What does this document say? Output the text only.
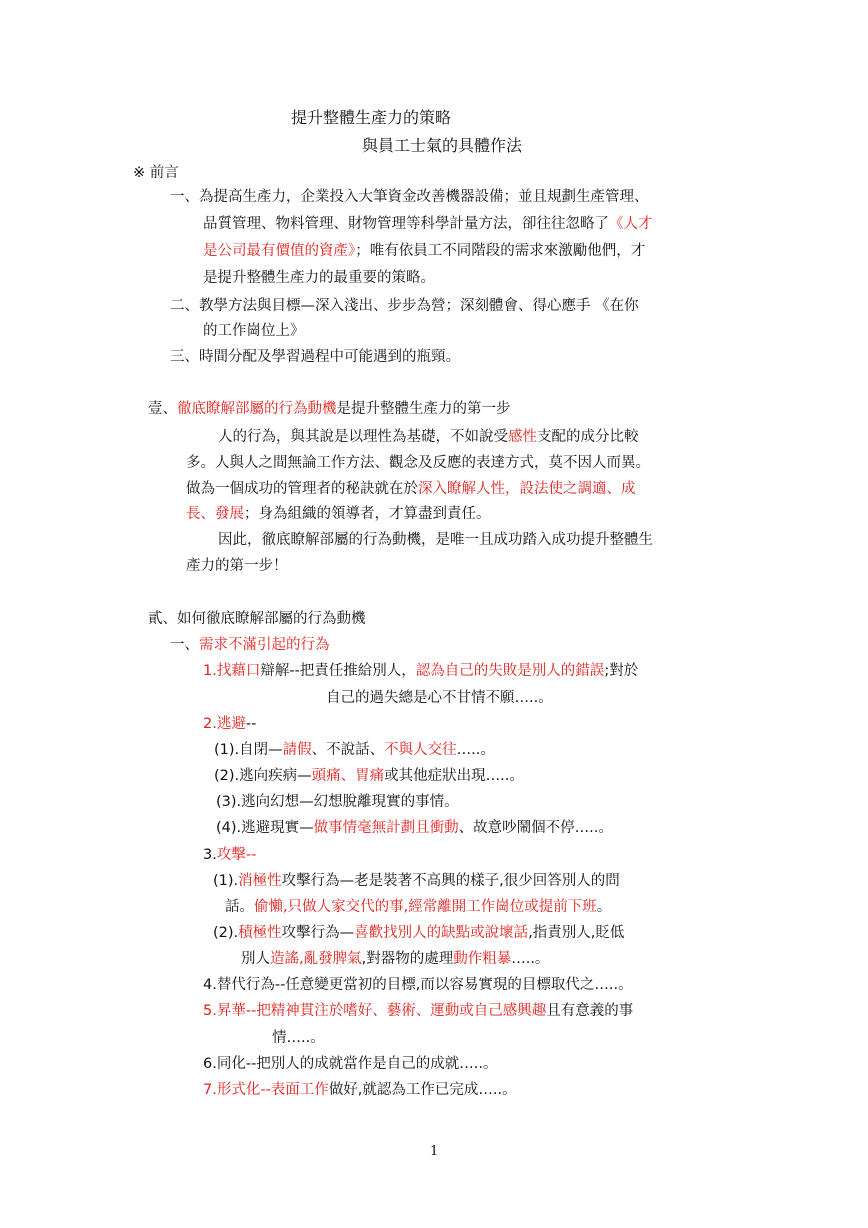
提升整體生產力的策略
與員工士氣的具體作法
※ 前言
一、為提高生產力，企業投入大筆資金改善機器設備；並且規劃生產管理、
品質管理、物料管理、財物管理等科學計量方法，卻往往忽略了《人才
是公司最有價值的資產》；唯有依員工不同階段的需求來激勵他們，才
是提升整體生產力的最重要的策略。
二、教學方法與目標—深入淺出、步步為營；深刻體會、得心應手 《在你
的工作崗位上》
三、時間分配及學習過程中可能遇到的瓶頸。
壹、徹底瞭解部屬的行為動機是提升整體生產力的第一步
人的行為，與其說是以理性為基礎，不如說受感性支配的成分比較
多。人與人之間無論工作方法、觀念及反應的表達方式，莫不因人而異。
做為一個成功的管理者的秘訣就在於深入瞭解人性，設法使之調適、成
長、發展；身為組織的領導者，才算盡到責任。
因此，徹底瞭解部屬的行為動機，是唯一且成功踏入成功提升整體生
產力的第一步！
貳、如何徹底瞭解部屬的行為動機
一、需求不滿引起的行為
1.找藉口辯解--把責任推給別人，認為自己的失敗是別人的錯誤;對於
自己的過失總是心不甘情不願…..。
2.逃避--
(1).自閉—請假、不說話、不與人交往…..。
(2).逃向疾病—頭痛、胃痛或其他症狀出現…..。
(3).逃向幻想—幻想脫離現實的事情。
(4).逃避現實—做事情毫無計劃且衝動、故意吵鬧個不停…..。
3.攻擊--
(1).消極性攻擊行為—老是裝著不高興的樣子,很少回答別人的問
話。偷懶,只做人家交代的事,經常離開工作崗位或提前下班。
(2).積極性攻擊行為—喜歡找別人的缺點或說壞話,指責別人,貶低
別人造謠,亂發脾氣,對器物的處理動作粗暴…..。
4.替代行為--任意變更當初的目標,而以容易實現的目標取代之…..。
5.昇華--把精神貫注於嗜好、藝術、運動或自己感興趣且有意義的事
情…..。
6.同化--把別人的成就當作是自己的成就…..。
7.形式化--表面工作做好,就認為工作已完成…..。
1
